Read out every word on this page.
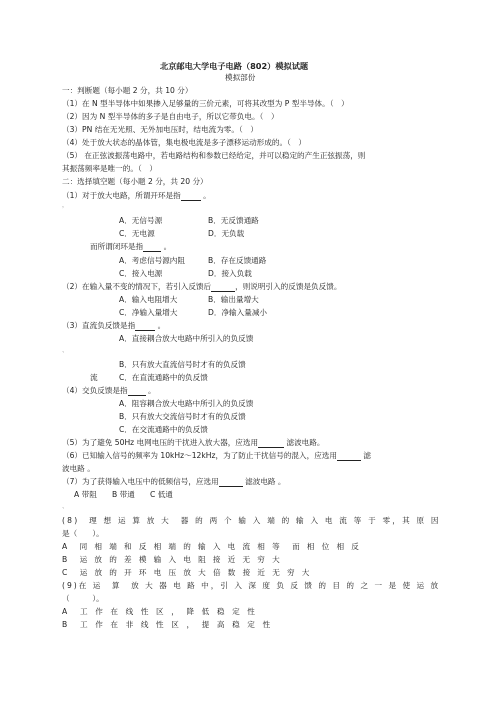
北京邮电大学电子电路（802）模拟试题
模拟部份
一：判断题（每小题 2 分，共 10 分）
（1）在 N 型半导体中如果掺入足够量的三价元素，可将其改型为 P 型半导体。（　）
（2）因为 N 型半导体的多子是自由电子，所以它带负电。（　）
（3）PN 结在无光照、无外加电压时，结电流为零。（　）
（4）处于放大状态的晶体管，集电极电流是多子漂移运动形成的。（　）
（5） 在正弦波振荡电路中，若电路结构和参数已经给定，并可以稳定的产生正弦振荡，则
其振荡频率是唯一的。（　）
二：选择填空题（每小题 2 分，共 20 分）
（1）对于放大电路，所谓开环是指	。
，
A．无信号源	B．无反馈通路
C．无电源	D．无负载
而所谓闭环是指	。
A．考虑信号源内阻	B．存在反馈通路
C．接入电源	D．接入负载
（2）在输入量不变的情况下，若引入反馈后	，则说明引入的反馈是负反馈。
A．输入电阻增大	B．输出量增大
C．净输入量增大	D．净输入量减小
（3）直流负反馈是指	。
A．直接耦合放大电路中所引入的负反馈
、
B．只有放大直流信号时才有的负反馈
流	C．在直流通路中的负反馈
（4）交负反馈是指	。
A．阻容耦合放大电路中所引入的负反馈
B．只有放大交流信号时才有的负反馈
C．在交流通路中的负反馈
（5）为了避免 50Hz 电网电压的干扰进入放大器，应选用	滤波电路。
（6）已知输入信号的频率为 10kHz～12kHz，为了防止干扰信号的混入，应选用	滤
波电路 。
（7）为了获得输入电压中的低频信号，应选用	滤波电路 。
A 带阻　　B 带通　　C 低通
、
(8)　理 想 运 算 放 大　器 的 两 个 输 入 端 的 输 入 电 流 等 于 零，其 原 因
是（　　）。
A　同 相 端 和 反 相 端 的 输 入 电 流 相 等　而 相 位 相 反
B　运 放 的 差 模 输 入 电 阻 接 近 无 穷 大
C　运 放 的 开 环 电 压 放 大 倍 数 接 近 无 穷 大
(9)在 运　算　放 大 器 电 路 中，引 入 深 度 负 反 馈 的 目 的 之 一 是 使 运 放
（　　　）。
A　工 作 在 线 性 区 ， 降 低 稳 定 性
B　工 作 在 非 线 性 区 ， 提 高 稳 定 性
